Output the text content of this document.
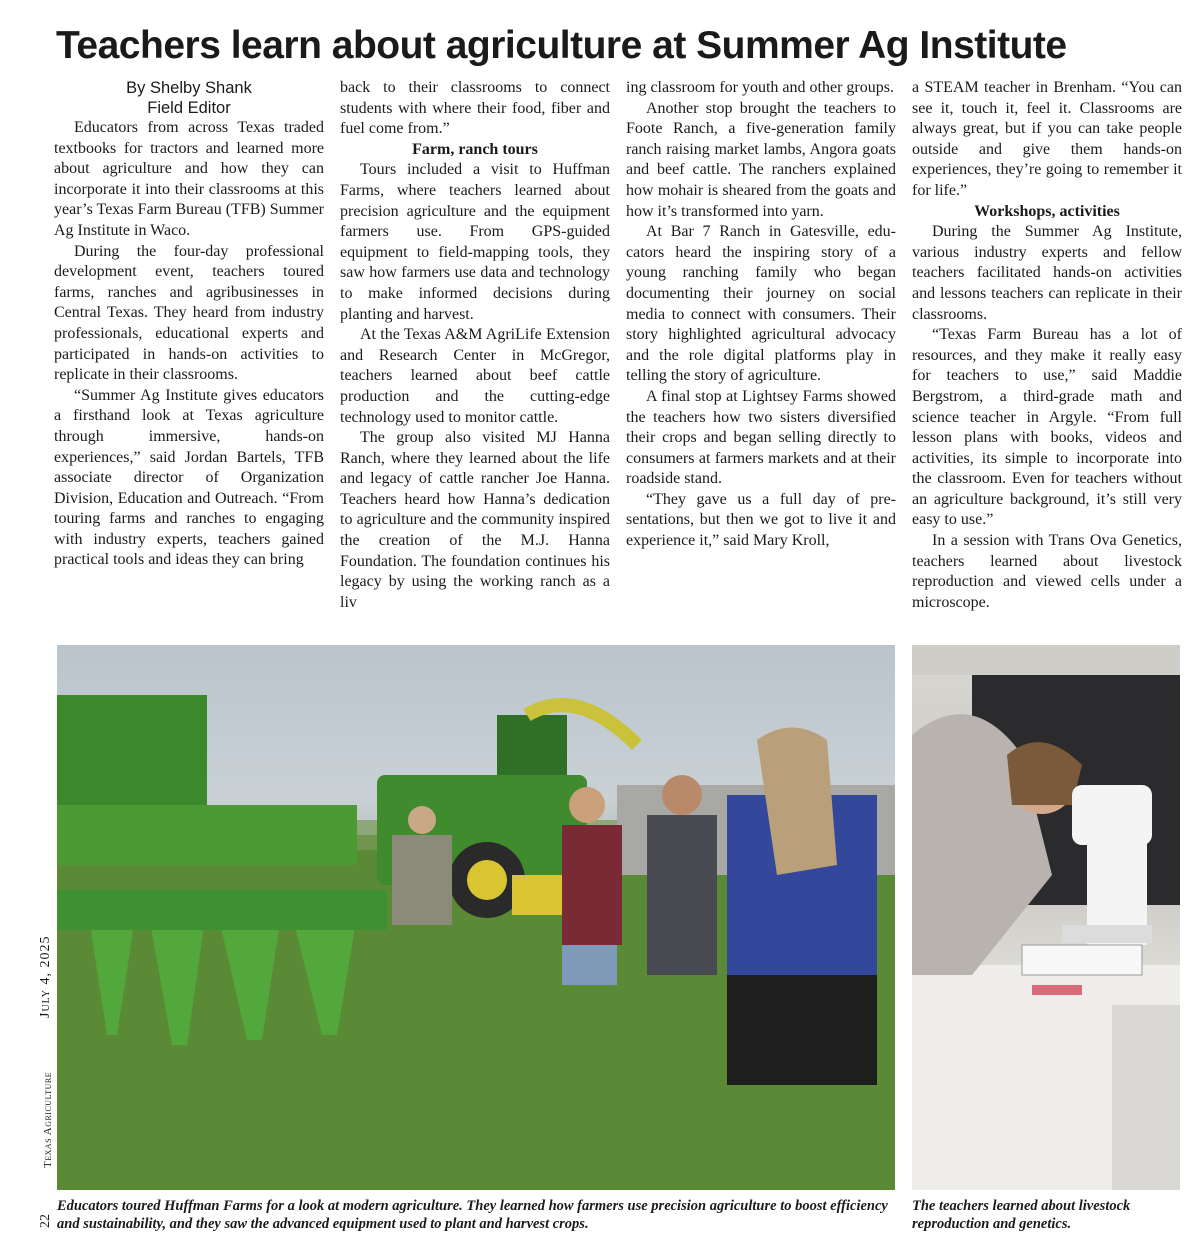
Teachers learn about agriculture at Summer Ag Institute

By Shelby Shank

Field Editor

Educators from across Texas traded textbooks for tractors and learned more about agriculture and how they can incorporate it into their classrooms at this year’s Texas Farm Bureau (TFB) Summer Ag Institute in Waco.

During the four-day professional development event, teachers toured farms, ranches and agribusinesses in Central Texas. They heard from industry professionals, educational experts and participated in hands-on activities to replicate in their classrooms.

“Summer Ag Institute gives educators a firsthand look at Texas agriculture through immersive, hands-on experiences,” said Jordan Bartels, TFB associate director of Organization Division, Education and Outreach. “From touring farms and ranches to engaging with industry experts, teachers gained practical tools and ideas they can bring

back to their classrooms to connect students with where their food, fiber and fuel come from.”

Farm, ranch tours

Tours included a visit to Huffman Farms, where teachers learned about precision agriculture and the equipment farmers use. From GPS-guided equipment to field-mapping tools, they saw how farmers use data and technology to make informed decisions during planting and harvest.

At the Texas A&M AgriLife Extension and Research Center in McGregor, teachers learned about beef cattle production and the cutting-edge technology used to monitor cattle.

The group also visited MJ Hanna Ranch, where they learned about the life and legacy of cattle rancher Joe Hanna. Teachers heard how Hanna’s dedication to agriculture and the community inspired the creation of the M.J. Hanna Foundation. The foundation continues his legacy by using the working ranch as a liv

ing classroom for youth and other groups.

Another stop brought the teachers to Foote Ranch, a five-generation family ranch raising market lambs, Angora goats and beef cattle. The ranchers explained how mohair is sheared from the goats and how it’s transformed into yarn.

At Bar 7 Ranch in Gatesville, educators heard the inspiring story of a young ranching family who began documenting their journey on social media to connect with consumers. Their story highlighted agricultural advocacy and the role digital platforms play in telling the story of agriculture.

A final stop at Lightsey Farms showed the teachers how two sisters diversified their crops and began selling directly to consumers at farmers markets and at their roadside stand.

“They gave us a full day of presentations, but then we got to live it and experience it,” said Mary Kroll,

a STEAM teacher in Brenham. “You can see it, touch it, feel it. Classrooms are always great, but if you can take people outside and give them hands-on experiences, they’re going to remember it for life.”

Workshops, activities

During the Summer Ag Institute, various industry experts and fellow teachers facilitated hands-on activities and lessons teachers can replicate in their classrooms.

“Texas Farm Bureau has a lot of resources, and they make it really easy for teachers to use,” said Maddie Bergstrom, a third-grade math and science teacher in Argyle. “From full lesson plans with books, videos and activities, its simple to incorporate into the classroom. Even for teachers without an agriculture background, it’s still very easy to use.”

In a session with Trans Ova Genetics, teachers learned about livestock reproduction and viewed cells under a microscope.

Educators toured Huffman Farms for a look at modern agriculture. They learned how farmers use precision agriculture to boost efficiency and sustainability, and they saw the advanced equipment used to plant and harvest crops.

The teachers learned about livestock reproduction and genetics.

July 4, 2025
Texas Agriculture
22
